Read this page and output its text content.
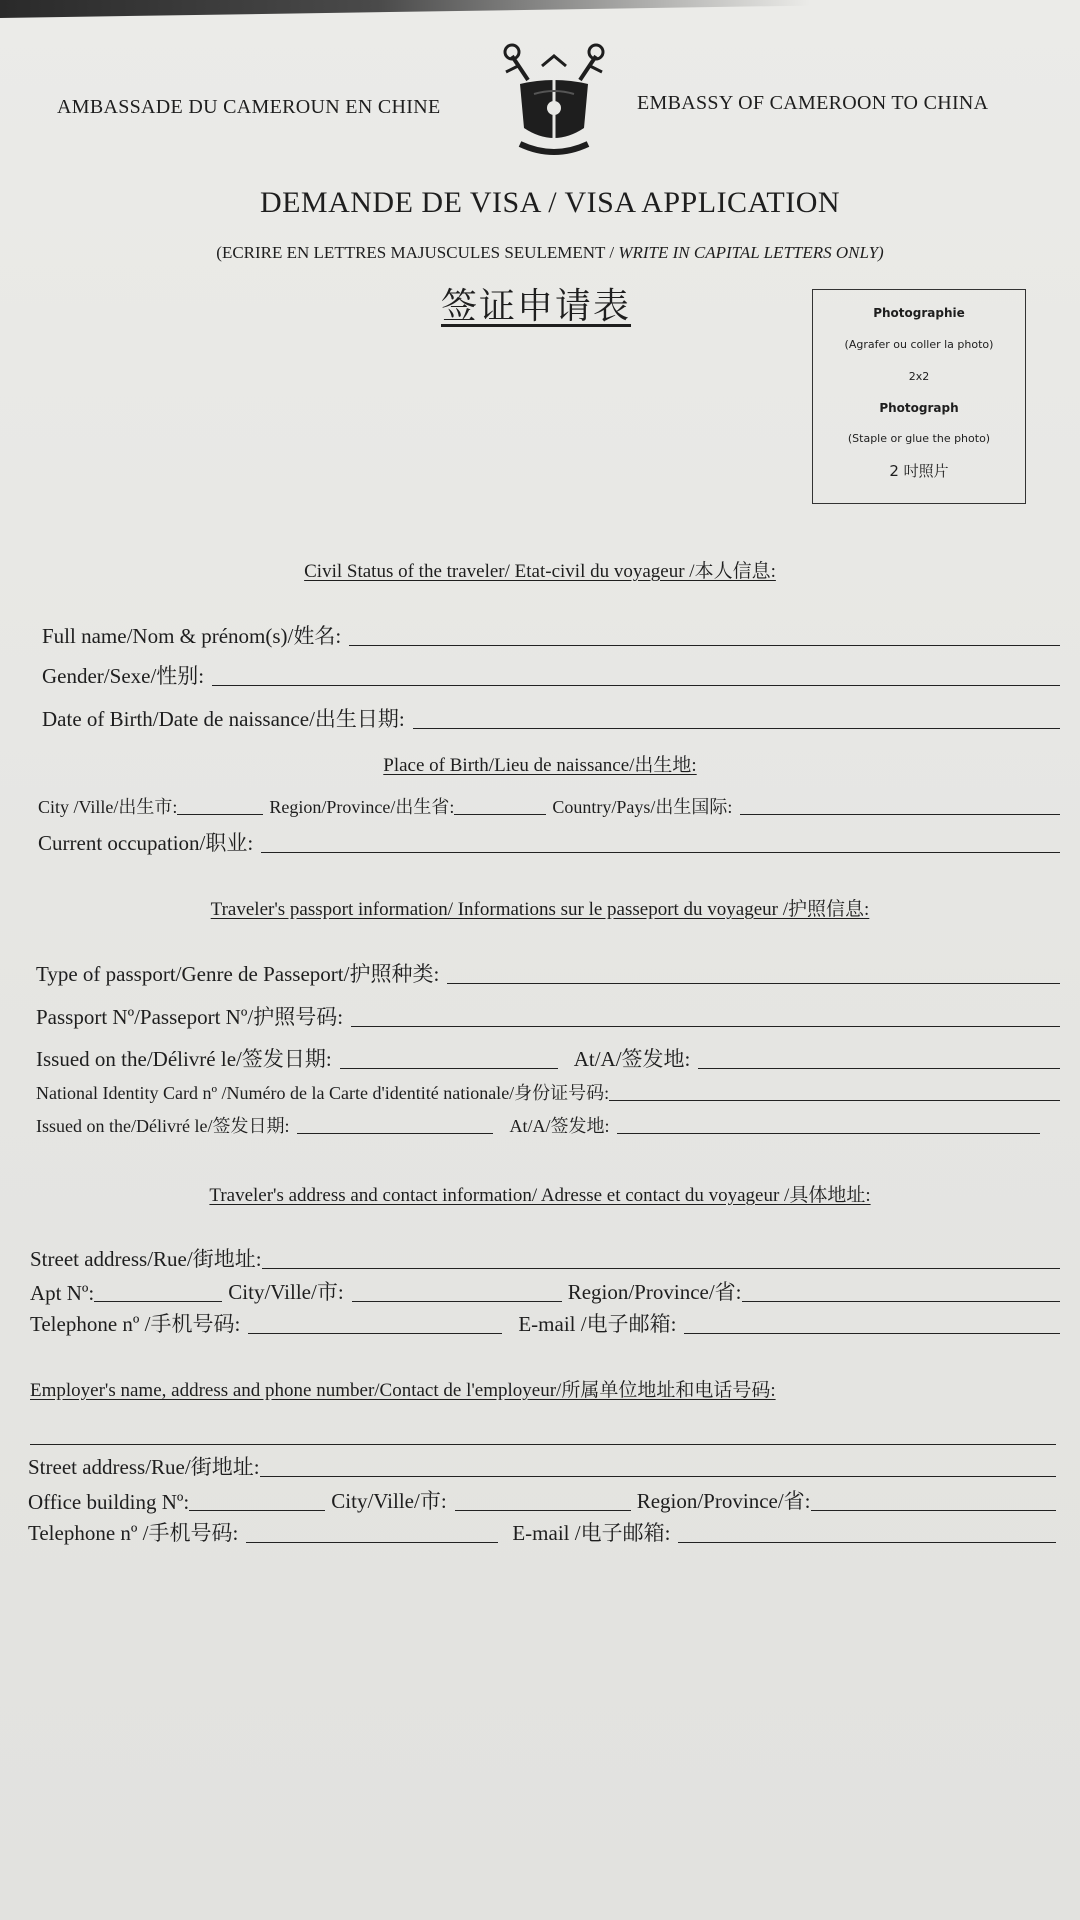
AMBASSADE DU CAMEROUN EN CHINE	EMBASSY OF CAMEROON TO CHINA
DEMANDE DE VISA / VISA APPLICATION
(ECRIRE EN LETTRES MAJUSCULES SEULEMENT / WRITE IN CAPITAL LETTERS ONLY)
签证申请表	Photographie
(Agrafer ou coller la photo)
2x2
Photograph
(Staple or glue the photo)
2 吋照片
Civil Status of the traveler/ Etat-civil du voyageur /本人信息:
Full name/Nom & prénom(s)/姓名:
Gender/Sexe/性别:
Date of Birth/Date de naissance/出生日期:
Place of Birth/Lieu de naissance/出生地:
City /Ville/出生市:	Region/Province/出生省:	Country/Pays/出生国际:
Current occupation/职业:
Traveler's passport information/ Informations sur le passeport du voyageur /护照信息:
Type of passport/Genre de Passeport/护照种类:
Passport Nº/Passeport Nº/护照号码:
Issued on the/Délivré le/签发日期:	At/A/签发地:
National Identity Card nº /Numéro de la Carte d'identité nationale/身份证号码:
Issued on the/Délivré le/签发日期:	At/A/签发地:
Traveler's address and contact information/ Adresse et contact du voyageur /具体地址:
Street address/Rue/街地址:
Apt Nº:	City/Ville/市:	Region/Province/省:
Telephone nº /手机号码:	E-mail /电子邮箱:
Employer's name, address and phone number/Contact de l'employeur/所属单位地址和电话号码:
Street address/Rue/街地址:
Office building Nº:	City/Ville/市:	Region/Province/省:
Telephone nº /手机号码:	E-mail /电子邮箱:
